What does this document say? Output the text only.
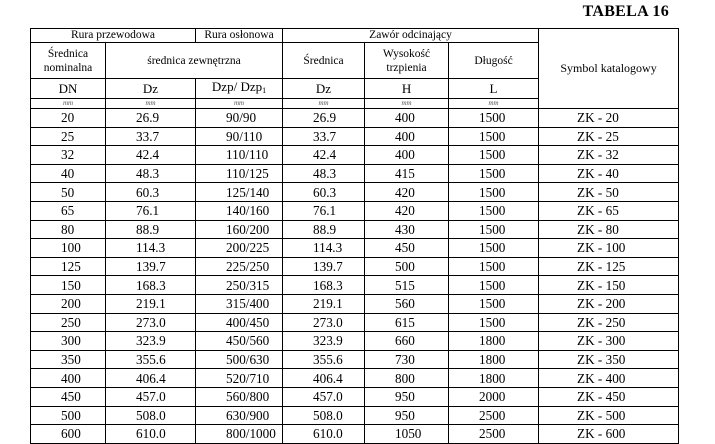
TABELA 16
Rura przewodowa		Rura osłonowa	Zawór odcinający			Symbol katalogowy
Średnica nominalna	średnica zewnętrzna		Średnica	Wysokość trzpienia	Długość	
DN	Dz	Dzp/ Dzp1	Dz	H	L	
mm	mm	mm	mm	mm	mm	
20	26.9	90/90	26.9	400	1500	ZK - 20
25	33.7	90/110	33.7	400	1500	ZK - 25
32	42.4	110/110	42.4	400	1500	ZK - 32
40	48.3	110/125	48.3	415	1500	ZK - 40
50	60.3	125/140	60.3	420	1500	ZK - 50
65	76.1	140/160	76.1	420	1500	ZK - 65
80	88.9	160/200	88.9	430	1500	ZK - 80
100	114.3	200/225	114.3	450	1500	ZK - 100
125	139.7	225/250	139.7	500	1500	ZK - 125
150	168.3	250/315	168.3	515	1500	ZK - 150
200	219.1	315/400	219.1	560	1500	ZK - 200
250	273.0	400/450	273.0	615	1500	ZK - 250
300	323.9	450/560	323.9	660	1800	ZK - 300
350	355.6	500/630	355.6	730	1800	ZK - 350
400	406.4	520/710	406.4	800	1800	ZK - 400
450	457.0	560/800	457.0	950	2000	ZK - 450
500	508.0	630/900	508.0	950	2500	ZK - 500
600	610.0	800/1000	610.0	1050	2500	ZK - 600
